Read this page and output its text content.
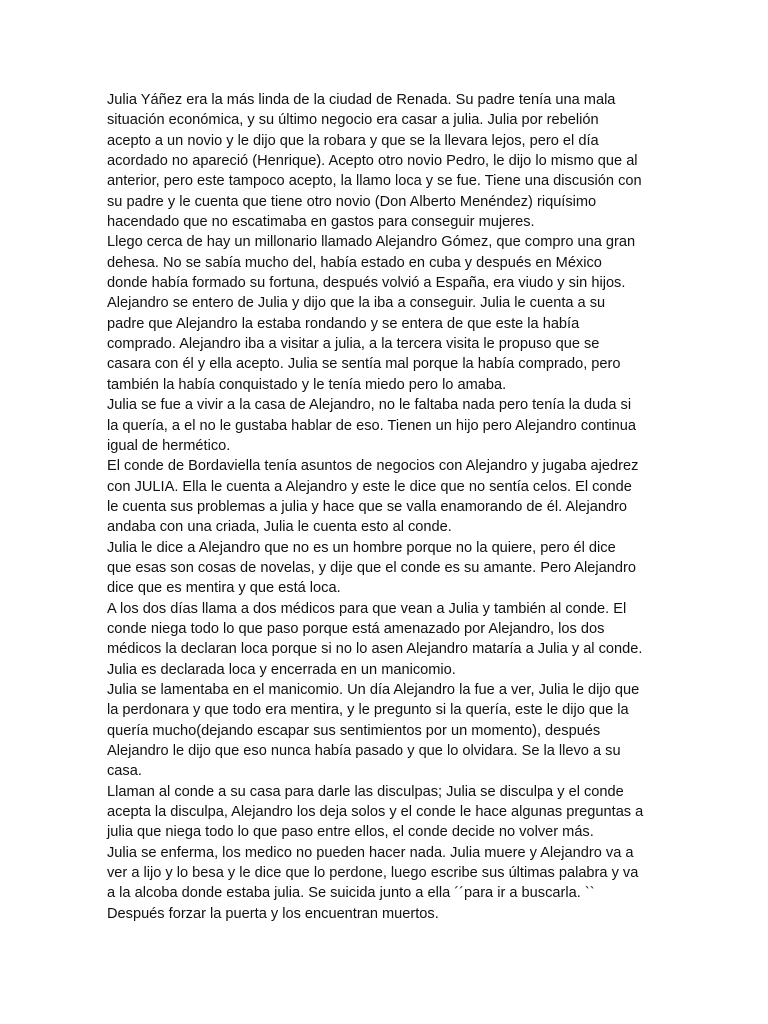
Julia Yáñez era la más linda de la ciudad de Renada. Su padre tenía una mala
situación económica, y su último negocio era casar a julia. Julia por rebelión
acepto a un novio y le dijo que la robara y que se la llevara lejos, pero el día
acordado no apareció (Henrique). Acepto otro novio Pedro, le dijo lo mismo que al
anterior, pero este tampoco acepto, la llamo loca y se fue. Tiene una discusión con
su padre y le cuenta que tiene otro novio (Don Alberto Menéndez) riquísimo
hacendado que no escatimaba en gastos para conseguir mujeres.
Llego cerca de hay un millonario llamado Alejandro Gómez, que compro una gran
dehesa. No se sabía mucho del, había estado en cuba y después en México
donde había formado su fortuna, después volvió a España, era viudo y sin hijos.
Alejandro se entero de Julia y dijo que la iba a conseguir. Julia le cuenta a su
padre que Alejandro la estaba rondando y se entera de que este la había
comprado. Alejandro iba a visitar a julia, a la tercera visita le propuso que se
casara con él y ella acepto. Julia se sentía mal porque la había comprado, pero
también la había conquistado y le tenía miedo pero lo amaba.
Julia se fue a vivir a la casa de Alejandro, no le faltaba nada pero tenía la duda si
la quería, a el no le gustaba hablar de eso. Tienen un hijo pero Alejandro continua
igual de hermético.
El conde de Bordaviella tenía asuntos de negocios con Alejandro y jugaba ajedrez
con JULIA. Ella le cuenta a Alejandro y este le dice que no sentía celos. El conde
le cuenta sus problemas a julia y hace que se valla enamorando de él. Alejandro
andaba con una criada, Julia le cuenta esto al conde.
Julia le dice a Alejandro que no es un hombre porque no la quiere, pero él dice
que esas son cosas de novelas, y dije que el conde es su amante. Pero Alejandro
dice que es mentira y que está loca.
A los dos días llama a dos médicos para que vean a Julia y también al conde. El
conde niega todo lo que paso porque está amenazado por Alejandro, los dos
médicos la declaran loca porque si no lo asen Alejandro mataría a Julia y al conde.
Julia es declarada loca y encerrada en un manicomio.
Julia se lamentaba en el manicomio. Un día Alejandro la fue a ver, Julia le dijo que
la perdonara y que todo era mentira, y le pregunto si la quería, este le dijo que la
quería mucho(dejando escapar sus sentimientos por un momento), después
Alejandro le dijo que eso nunca había pasado y que lo olvidara. Se la llevo a su
casa.
Llaman al conde a su casa para darle las disculpas; Julia se disculpa y el conde
acepta la disculpa, Alejandro los deja solos y el conde le hace algunas preguntas a
julia que niega todo lo que paso entre ellos, el conde decide no volver más.
Julia se enferma, los medico no pueden hacer nada. Julia muere y Alejandro va a
ver a lijo y lo besa y le dice que lo perdone, luego escribe sus últimas palabra y va
a la alcoba donde estaba julia. Se suicida junto a ella ´´para ir a buscarla. ``
Después forzar la puerta y los encuentran muertos.
